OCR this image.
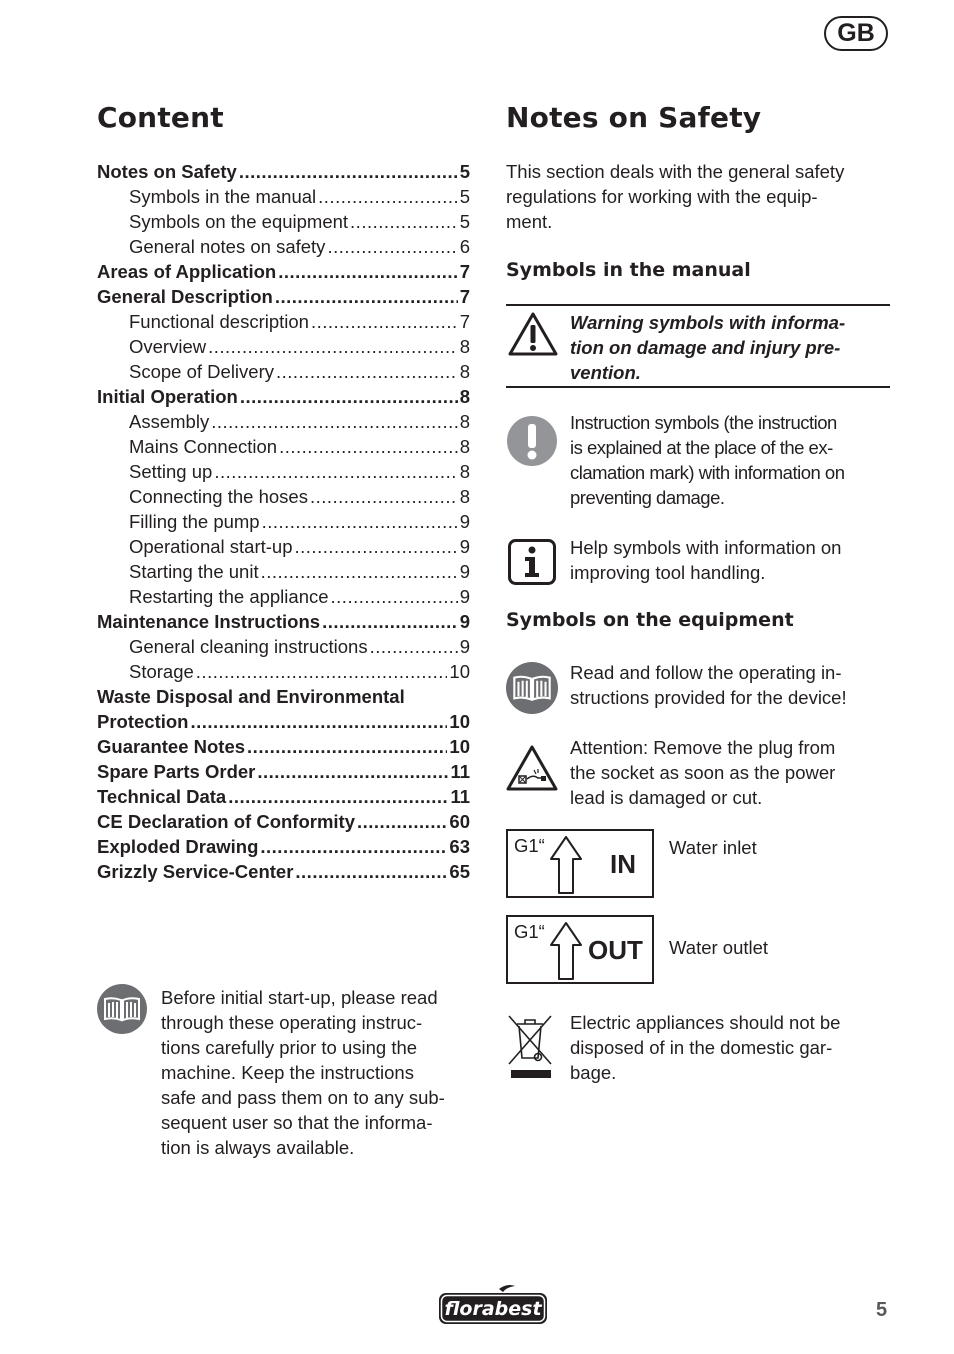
GB
Content
Notes on Safety .....	5
Symbols in the manual .....	5
Symbols on the equipment .....	5
General notes on safety .....	6
Areas of Application .....	7
General Description .....	7
Functional description .....	7
Overview .....	8
Scope of Delivery .....	8
Initial Operation .....	8
Assembly .....	8
Mains Connection .....	8
Setting up .....	8
Connecting the hoses .....	8
Filling the pump .....	9
Operational start-up .....	9
Starting the unit .....	9
Restarting the appliance .....	9
Maintenance Instructions .....	9
General cleaning instructions .....	9
Storage .....	10
Waste Disposal and Environmental
Protection .....	10
Guarantee Notes .....	10
Spare Parts Order .....	11
Technical Data .....	11
CE Declaration of Conformity .....	60
Exploded Drawing .....	63
Grizzly Service-Center .....	65
Before initial start-up, please read
through these operating instruc-
tions carefully prior to using the
machine. Keep the instructions
safe and pass them on to any sub-
sequent user so that the informa-
tion is always available.
Notes on Safety
This section deals with the general safety
regulations for working with the equip-
ment.
Symbols in the manual
Warning symbols with informa-
tion on damage and injury pre-
vention.
Instruction symbols (the instruction
is explained at the place of the ex-
clamation mark) with information on
preventing damage.
Help symbols with information on
improving tool handling.
Symbols on the equipment
Read and follow the operating in-
structions provided for the device!
Attention: Remove the plug from
the socket as soon as the power
lead is damaged or cut.
G1“
IN
Water inlet
G1“
OUT Water outlet
Electric appliances should not be
disposed of in the domestic gar-
bage.
florabest	5
